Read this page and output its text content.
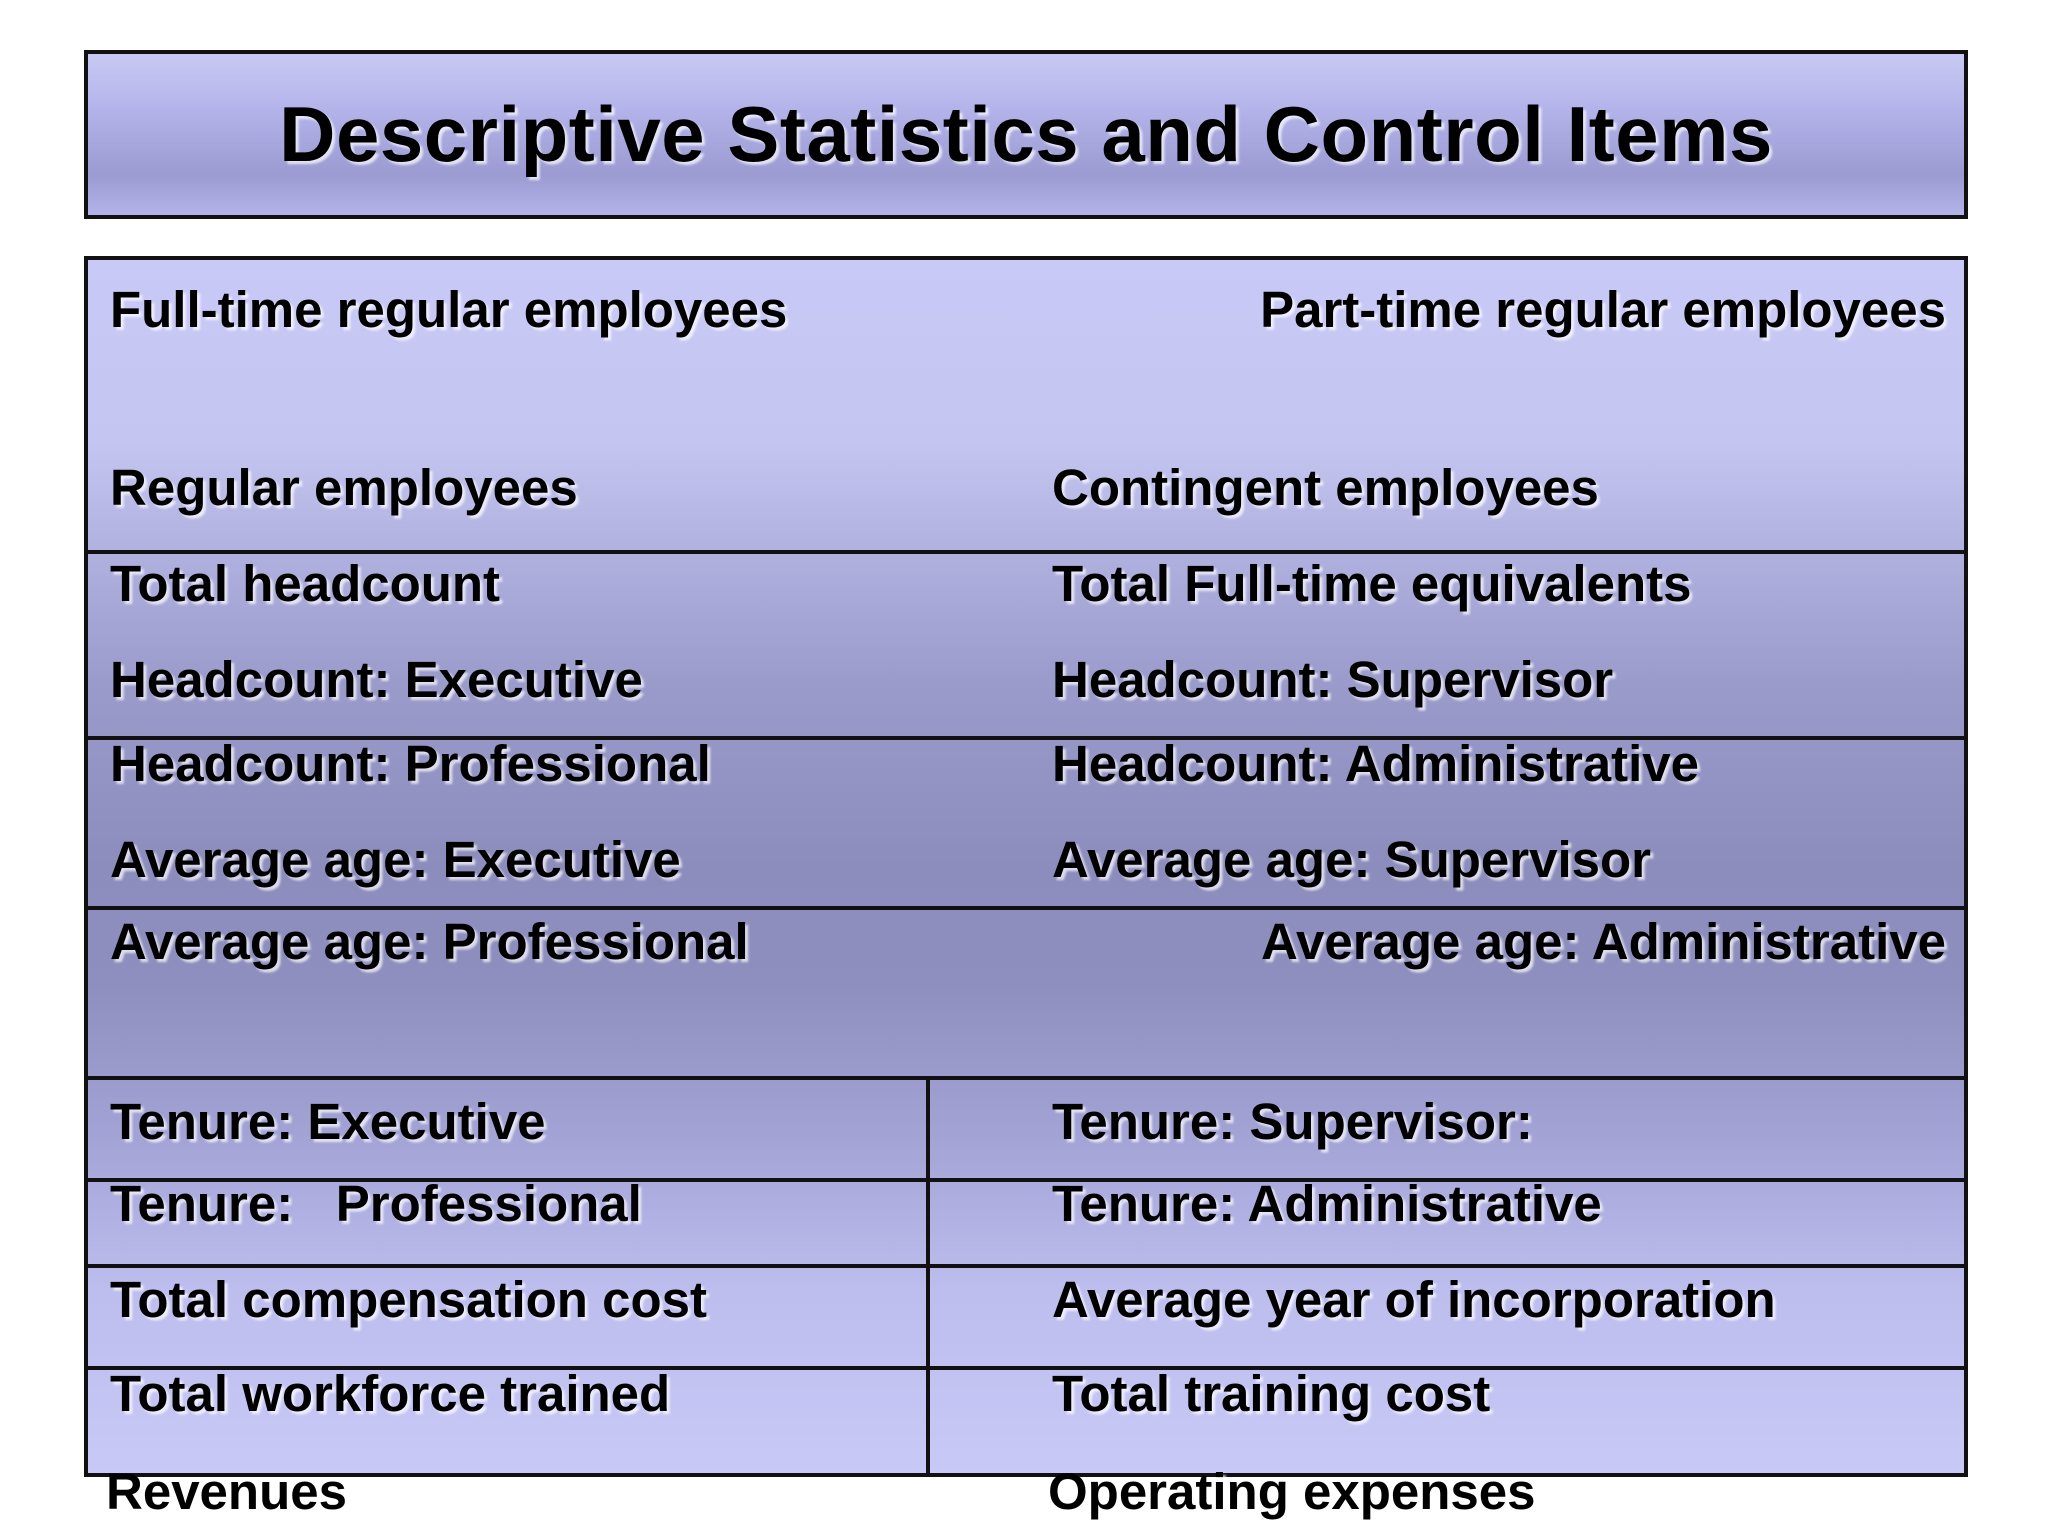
Descriptive Statistics and Control Items
Full-time regular employees	Part-time regular employees
Regular employees	Contingent employees
Total headcount	Total Full-time equivalents
Headcount: Executive	Headcount: Supervisor
Headcount: Professional	Headcount: Administrative
Average age: Executive	Average age: Supervisor
Average age: Professional	Average age: Administrative
Tenure: Executive	Tenure: Supervisor:
Tenure:   Professional	Tenure: Administrative
Total compensation cost	Average year of incorporation
Total workforce trained	Total training cost
Revenues	Operating expenses
